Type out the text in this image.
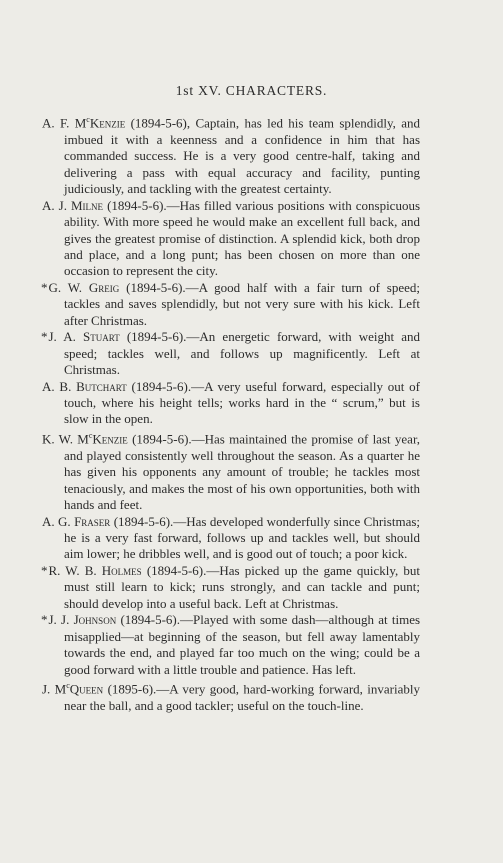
1st XV. CHARACTERS.

A. F. $M^cKenzie$ (1894-5-6), Captain, has led his team splendidly, and imbued it with a keenness and a confidence in him that has commanded success. He is a very good centre-half, taking and delivering a pass with equal accuracy and facility, punting judiciously, and tackling with the greatest certainty.

A. J. Milne (1894-5-6).—Has filled various positions with conspicuous ability. With more speed he would make an excellent full back, and gives the greatest promise of distinction. A splendid kick, both drop and place, and a long punt; has been chosen on more than one occasion to represent the city.

*G. W. Greig (1894-5-6).—A good half with a fair turn of speed; tackles and saves splendidly, but not very sure with his kick. Left after Christmas.

*J. A. Stuart (1894-5-6).—An energetic forward, with weight and speed; tackles well, and follows up magnificently. Left at Christmas.

A. B. Butchart (1894-5-6).—A very useful forward, especially out of touch, where his height tells; works hard in the “ scrum,” but is slow in the open.

K. W. $M^cKenzie$ (1894-5-6).—Has maintained the promise of last year, and played consistently well throughout the season. As a quarter he has given his opponents any amount of trouble; he tackles most tenaciously, and makes the most of his own opportunities, both with hands and feet.

A. G. Fraser (1894-5-6).—Has developed wonderfully since Christmas; he is a very fast forward, follows up and tackles well, but should aim lower; he dribbles well, and is good out of touch; a poor kick.

*R. W. B. Holmes (1894-5-6).—Has picked up the game quickly, but must still learn to kick; runs strongly, and can tackle and punt; should develop into a useful back. Left at Christmas.

*J. J. Johnson (1894-5-6).—Played with some dash—although at times misapplied—at beginning of the season, but fell away lamentably towards the end, and played far too much on the wing; could be a good forward with a little trouble and patience. Has left.

J. $M^cQueen$ (1895-6).—A very good, hard-working forward, invariably near the ball, and a good tackler; useful on the touch-line.
